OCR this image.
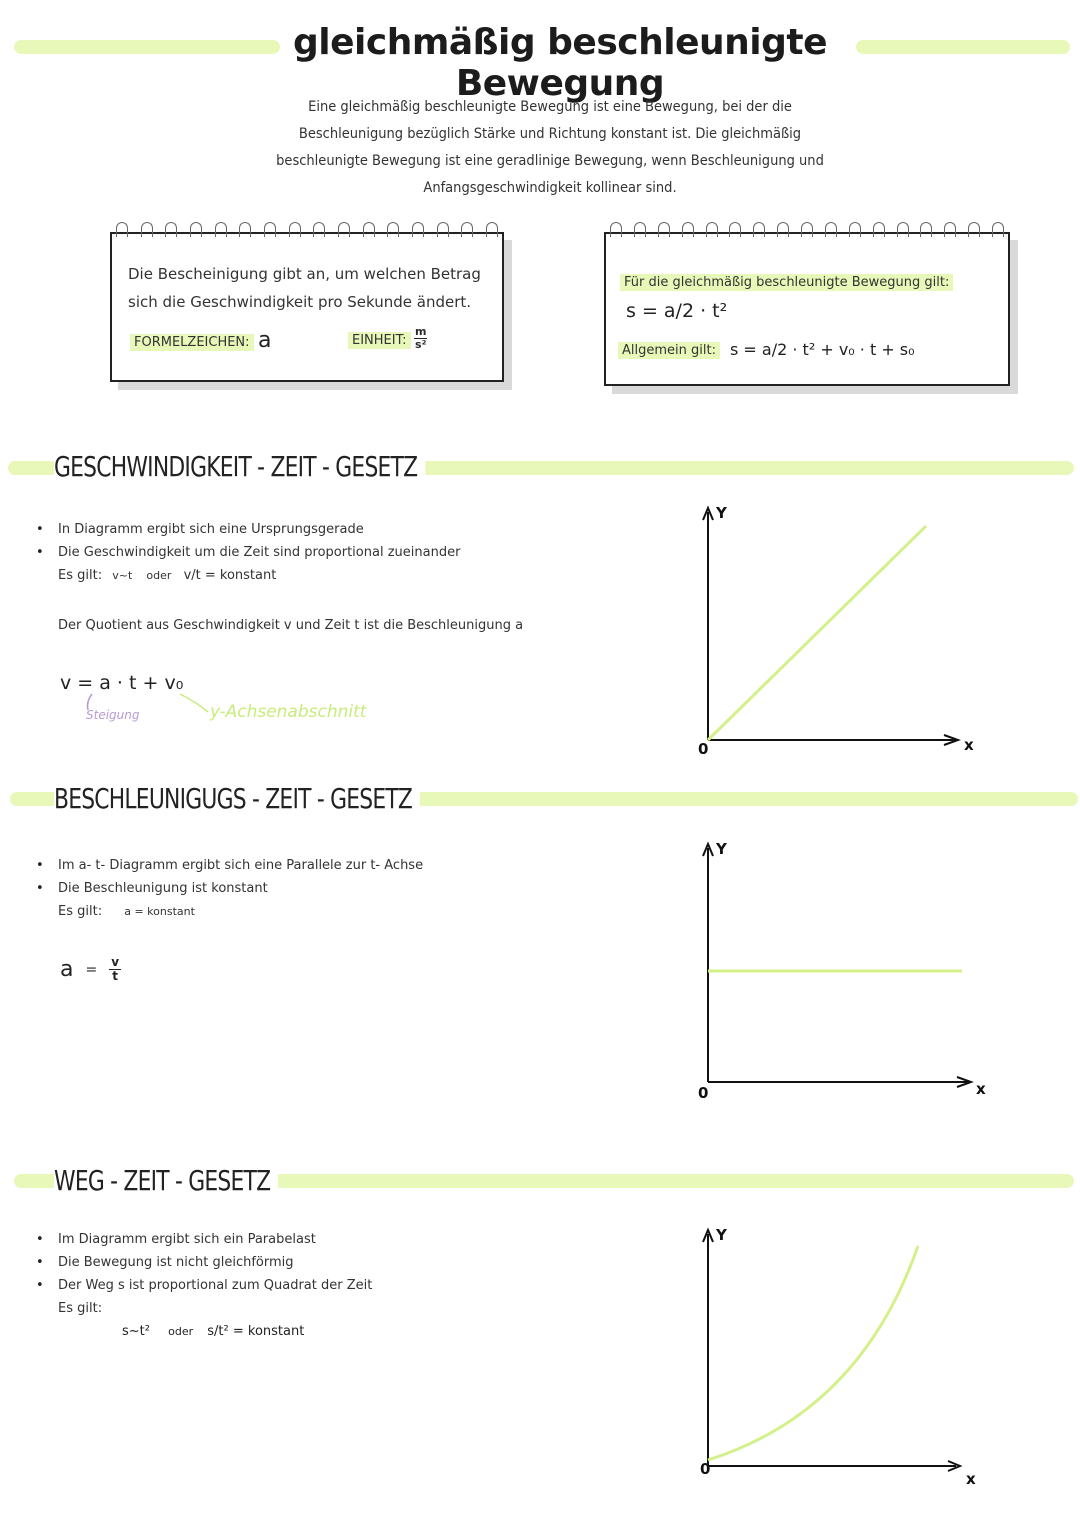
gleichmäßig beschleunigte Bewegung
Eine gleichmäßig beschleunigte Bewegung ist eine Bewegung, bei der die Beschleunigung bezüglich Stärke und Richtung konstant ist. Die gleichmäßig beschleunigte Bewegung ist eine geradlinige Bewegung, wenn Beschleunigung und Anfangsgeschwindigkeit kollinear sind.

Die Bescheinigung gibt an, um welchen Betrag sich die Geschwindigkeit pro Sekunde ändert.

FORMELZEICHEN: a	EINHEIT: $\frac{m}{\text{s²}}$
Für die gleichmäßig beschleunigte Bewegung gilt:
s = a/2 · t²
Allgemein gilt: s = a/2 · t² + v₀ · t + s₀
GESCHWINDIGKEIT - ZEIT - GESETZ
• In Diagramm ergibt sich eine Ursprungsgerade
• Die Geschwindigkeit um die Zeit sind proportional zueinander
Es gilt: v~t oder v/t = konstant
Der Quotient aus Geschwindigkeit v und Zeit t ist die Beschleunigung a
v = a · t + v₀
Steigung	y-Achsenabschnitt
Y
x
0
BESCHLEUNIGUGS - ZEIT - GESETZ
• Im a- t- Diagramm ergibt sich eine Parallele zur t- Achse
• Die Beschleunigung ist konstant
Es gilt: a = konstant
$a = \frac{v}{t}$
Y
x
0
WEG - ZEIT - GESETZ
• Im Diagramm ergibt sich ein Parabelast
• Die Bewegung ist nicht gleichförmig
• Der Weg s ist proportional zum Quadrat der Zeit
Es gilt:
s~t² oder s/t² = konstant
Y
x
0
